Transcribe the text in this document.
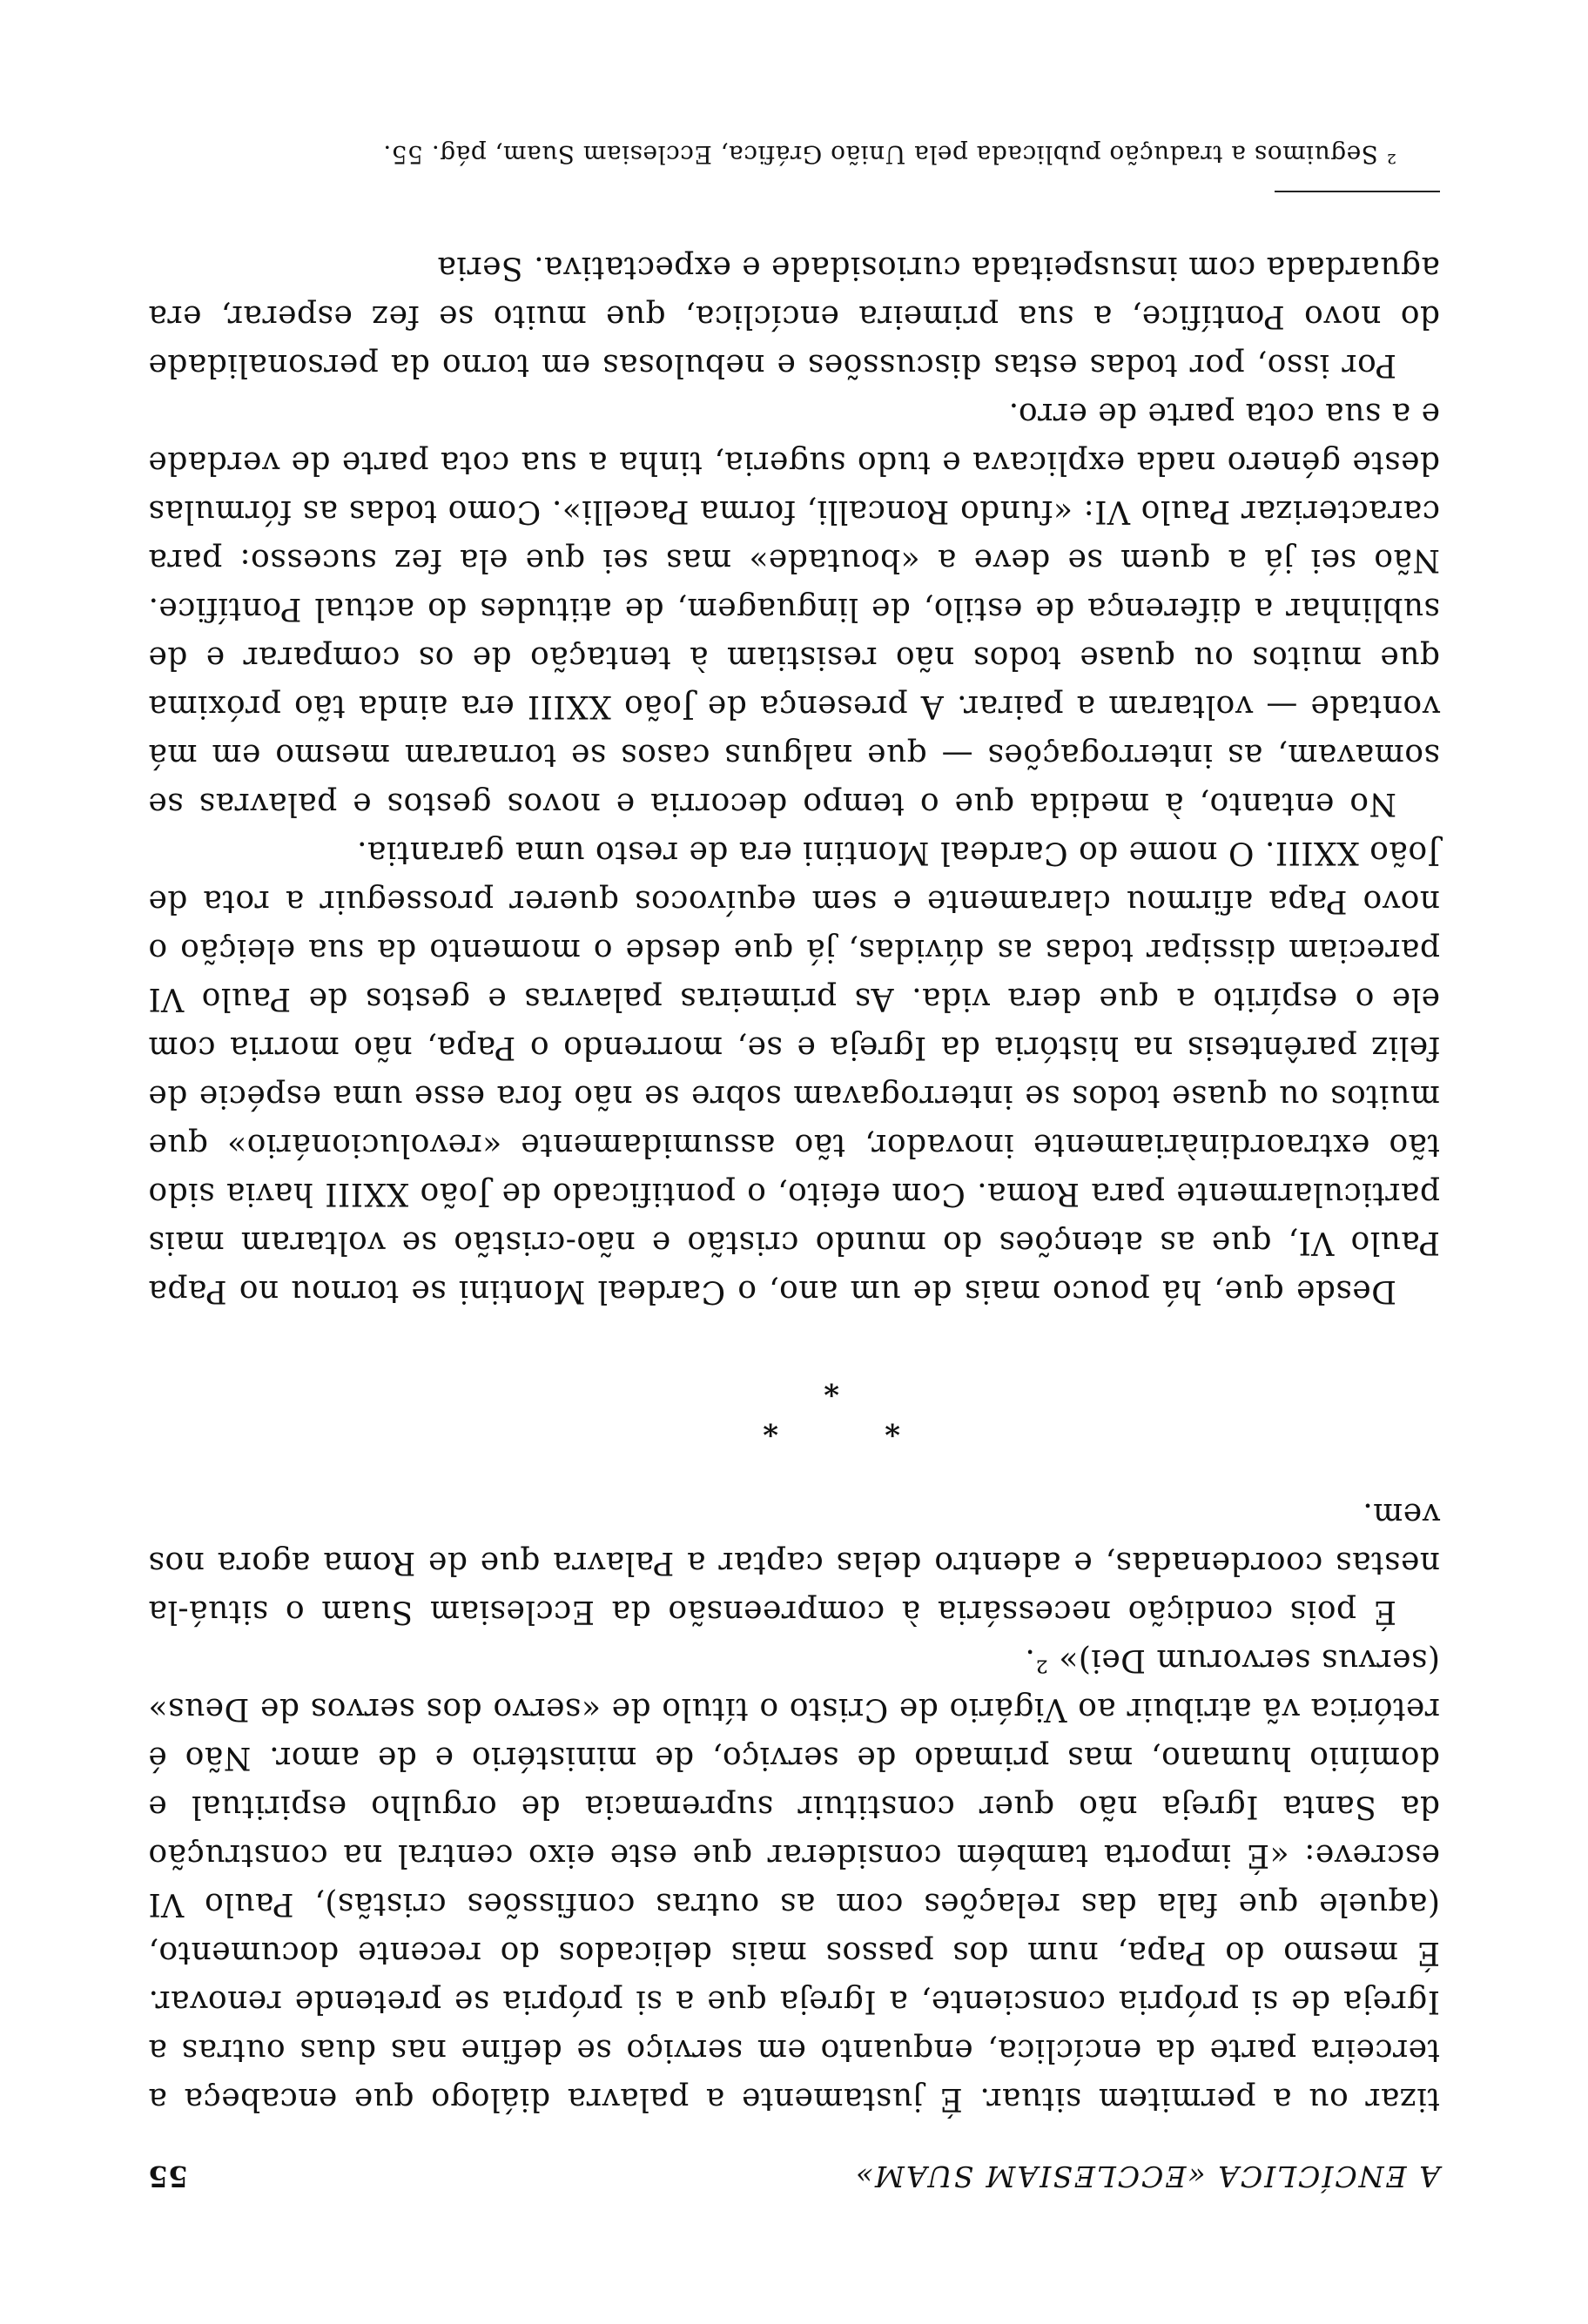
A ENCÍCLICA «ECCLESIAM SUAM»
55

tizar ou a permitem situar. É justamente a palavra diálogo que encabeça a terceira parte da encíclica, enquanto em serviço se define nas duas outras a Igreja de si própria consciente, a Igreja que a si própria se pretende renovar. É mesmo do Papa, num dos passos mais delicados do recente documento, (aquele que fala das relações com as outras confissões cristãs), Paulo VI escreve: «É importa também considerar que este eixo central na construção da Santa Igreja não quer constituir supremacia de orgulho espiritual e domínio humano, mas primado de serviço, de ministério e de amor. Não é retórica vã atribuir ao Vigário de Cristo o título de «servo dos servos de Deus» (servus servorum Dei)» ².

É pois condição necessária à compreensão da Ecclesiam Suam o situá-la nestas coordenadas, e adentro delas captar a Palavra que de Roma agora nos vem.

*
*
*

Desde que, há pouco mais de um ano, o Cardeal Montini se tornou no Papa Paulo VI, que as atenções do mundo cristão e não-cristão se voltaram mais particularmente para Roma. Com efeito, o pontificado de João XXIII havia sido tão extraordinàriamente inovador, tão assumidamente «revolucionário» que muitos ou quase todos se interrogavam sobre se não fora esse uma espécie de feliz parêntesis na história da Igreja e se, morrendo o Papa, não morria com ele o espírito a que dera vida. As primeiras palavras e gestos de Paulo VI pareciam dissipar todas as dúvidas, já que desde o momento da sua eleição o novo Papa afirmou claramente e sem equívocos querer prosseguir a rota de João XXIII. O nome do Cardeal Montini era de resto uma garantia.

No entanto, à medida que o tempo decorria e novos gestos e palavras se somavam, as interrogações — que nalguns casos se tornaram mesmo em má vontade — voltaram a pairar. A presença de João XXIII era ainda tão próxima que muitos ou quase todos não resistiam à tentação de os comparar e de sublinhar a diferença de estilo, de linguagem, de atitudes do actual Pontífice. Não sei já a quem se deve a «boutade» mas sei que ela fez sucesso: para caracterizar Paulo VI: «fundo Roncalli, forma Pacelli». Como todas as fórmulas deste género nada explicava e tudo sugeria, tinha a sua cota parte de verdade e a sua cota parte de erro.

Por isso, por todas estas discussões e nebulosas em torno da personalidade do novo Pontífice, a sua primeira encíclica, que muito se fez esperar, era aguardada com insuspeitada curiosidade e expectativa. Seria

² Seguimos a tradução publicada pela União Gráfica, Ecclesiam Suam, pág. 55.
